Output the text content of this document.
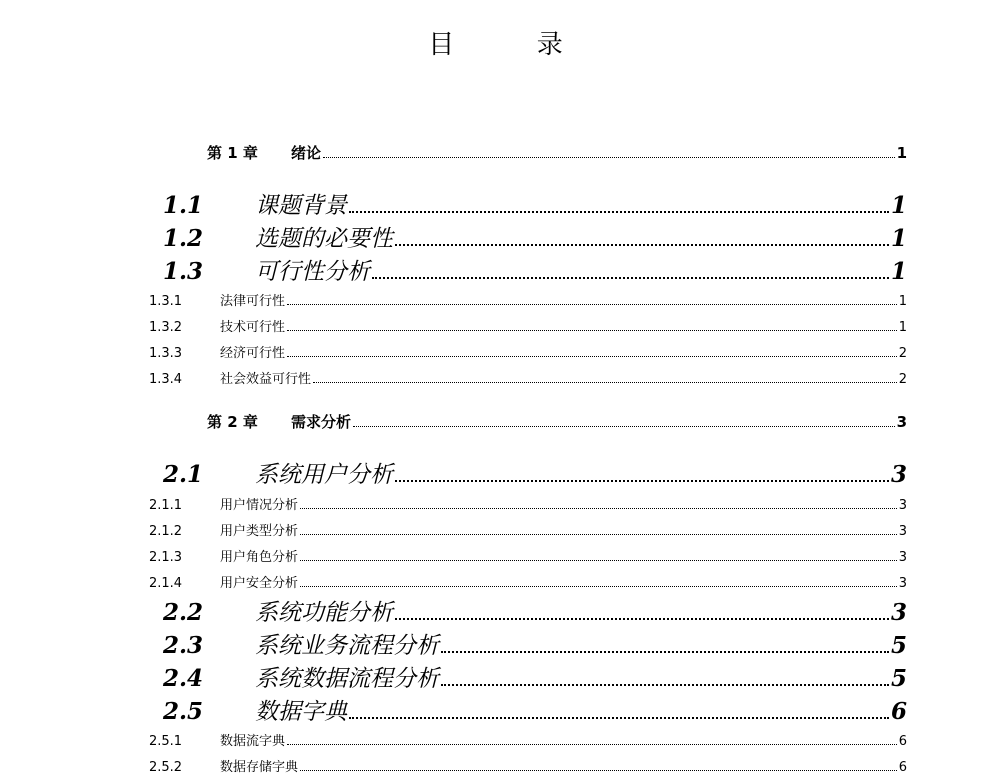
目	录
第 1 章	绪论	1
1.1	课题背景	1
1.2	选题的必要性	1
1.3	可行性分析	1
1.3.1	法律可行性	1
1.3.2	技术可行性	1
1.3.3	经济可行性	2
1.3.4	社会效益可行性	2
第 2 章	需求分析	3
2.1	系统用户分析	3
2.1.1	用户情况分析	3
2.1.2	用户类型分析	3
2.1.3	用户角色分析	3
2.1.4	用户安全分析	3
2.2	系统功能分析	3
2.3	系统业务流程分析	5
2.4	系统数据流程分析	5
2.5	数据字典	6
2.5.1	数据流字典	6
2.5.2	数据存储字典	6
